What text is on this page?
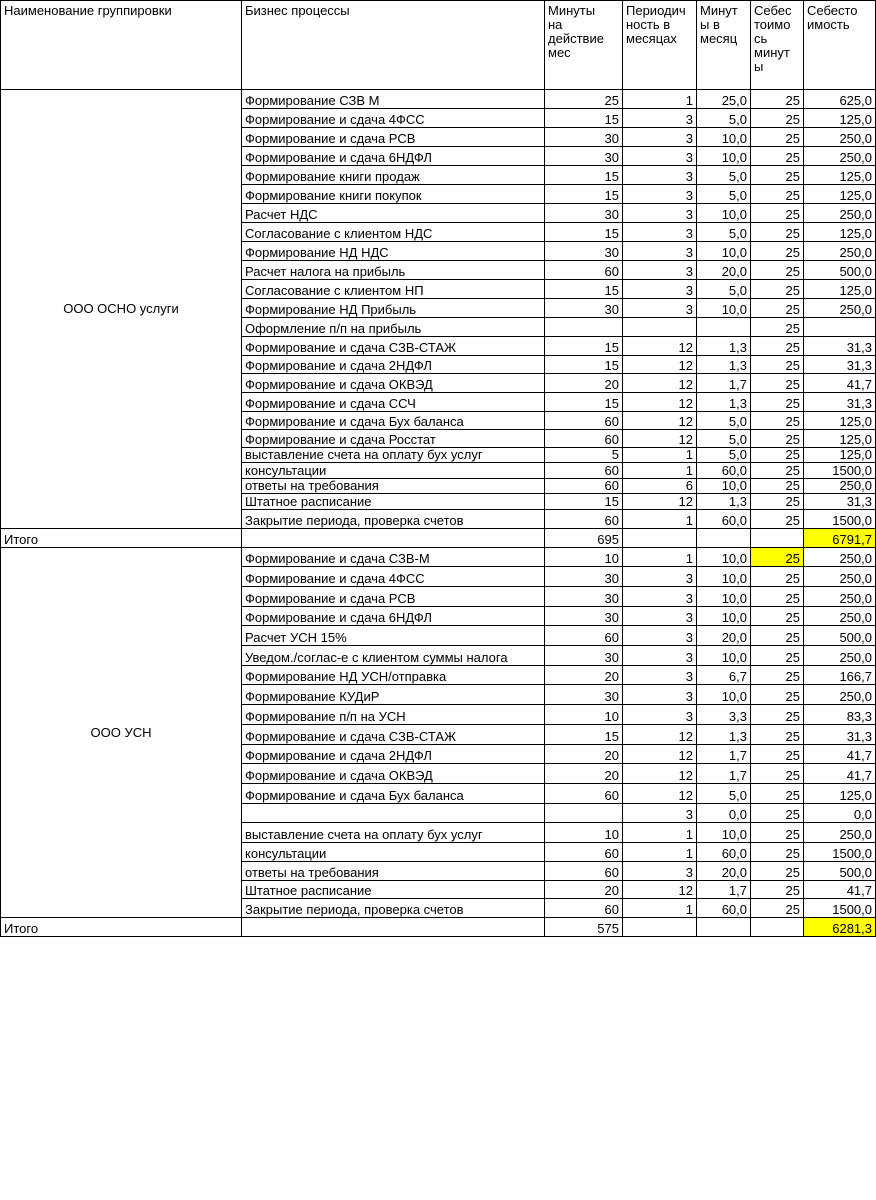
Наименование группировки	Бизнес процессы	Минуты
на
действие
мес	Периодич
ность в
месяцах	Минут
ы в
месяц	Себес
тоимо
сь
минут
ы	Себесто
имость
ООО ОСНО услуги	Формирование СЗВ М	25	1	25,0	25	625,0
	Формирование и сдача 4ФСС	15	3	5,0	25	125,0
	Формирование и сдача РСВ	30	3	10,0	25	250,0
	Формирование и сдача 6НДФЛ	30	3	10,0	25	250,0
	Формирование книги продаж	15	3	5,0	25	125,0
	Формирование книги покупок	15	3	5,0	25	125,0
	Расчет НДС	30	3	10,0	25	250,0
	Согласование с клиентом НДС	15	3	5,0	25	125,0
	Формирование НД НДС	30	3	10,0	25	250,0
	Расчет налога на прибыль	60	3	20,0	25	500,0
	Согласование с клиентом НП	15	3	5,0	25	125,0
	Формирование НД Прибыль	30	3	10,0	25	250,0
	Оформление п/п на прибыль				25	
	Формирование и сдача СЗВ-СТАЖ	15	12	1,3	25	31,3
	Формирование и сдача 2НДФЛ	15	12	1,3	25	31,3
	Формирование и сдача ОКВЭД	20	12	1,7	25	41,7
	Формирование и сдача ССЧ	15	12	1,3	25	31,3
	Формирование и сдача Бух баланса	60	12	5,0	25	125,0
	Формирование и сдача Росстат	60	12	5,0	25	125,0
	выставление счета на оплату бух услуг	5	1	5,0	25	125,0
	консультации	60	1	60,0	25	1500,0
	ответы на требования	60	6	10,0	25	250,0
	Штатное расписание	15	12	1,3	25	31,3
	Закрытие периода, проверка счетов	60	1	60,0	25	1500,0
Итого		695				6791,7
ООО УСН	Формирование и сдача СЗВ-М	10	1	10,0	25	250,0
	Формирование и сдача 4ФСС	30	3	10,0	25	250,0
	Формирование и сдача РСВ	30	3	10,0	25	250,0
	Формирование и сдача 6НДФЛ	30	3	10,0	25	250,0
	Расчет УСН 15%	60	3	20,0	25	500,0
	Уведом./соглас-е с клиентом суммы налога	30	3	10,0	25	250,0
	Формирование НД УСН/отправка	20	3	6,7	25	166,7
	Формирование КУДиР	30	3	10,0	25	250,0
	Формирование п/п на УСН	10	3	3,3	25	83,3
	Формирование и сдача СЗВ-СТАЖ	15	12	1,3	25	31,3
	Формирование и сдача 2НДФЛ	20	12	1,7	25	41,7
	Формирование и сдача ОКВЭД	20	12	1,7	25	41,7
	Формирование и сдача Бух баланса	60	12	5,0	25	125,0
			3	0,0	25	0,0
	выставление счета на оплату бух услуг	10	1	10,0	25	250,0
	консультации	60	1	60,0	25	1500,0
	ответы на требования	60	3	20,0	25	500,0
	Штатное расписание	20	12	1,7	25	41,7
	Закрытие периода, проверка счетов	60	1	60,0	25	1500,0
Итого		575				6281,3
